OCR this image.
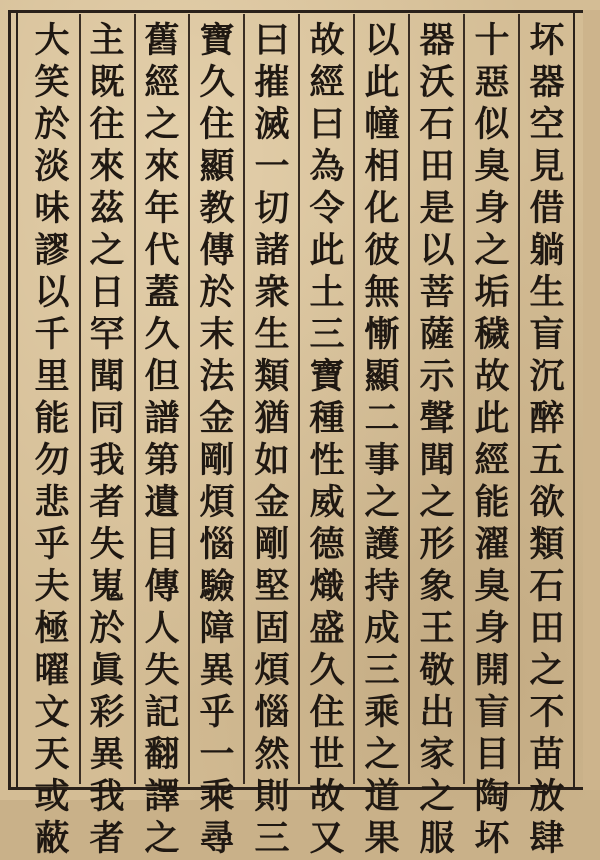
坏
器
空
見
借
躺
生
盲
沉
醉
五
欲
類
石
田
之
不
苗
放
肆
十
惡
似
臭
身
之
垢
穢
故
此
經
能
濯
臭
身
開
盲
目
陶
坏
器
沃
石
田
是
以
菩
薩
示
聲
聞
之
形
象
王
敬
出
家
之
服
以
此
幢
相
化
彼
無
慚
顯
二
事
之
護
持
成
三
乘
之
道
果
故
經
曰
為
令
此
土
三
寶
種
性
威
德
熾
盛
久
住
世
故
又
曰
摧
滅
一
切
諸
衆
生
類
猶
如
金
剛
堅
固
煩
惱
然
則
三
寶
久
住
顯
教
傳
於
末
法
金
剛
煩
惱
驗
障
異
乎
一
乘
尋
舊
經
之
來
年
代
蓋
久
但
譜
第
遺
目
傳
人
失
記
翻
譯
之
主
既
往
來
茲
之
日
罕
聞
同
我
者
失
嵬
於
眞
彩
異
我
者
大
笑
於
淡
味
謬
以
千
里
能
勿
悲
乎
夫
極
曜
文
天
或
蔽
